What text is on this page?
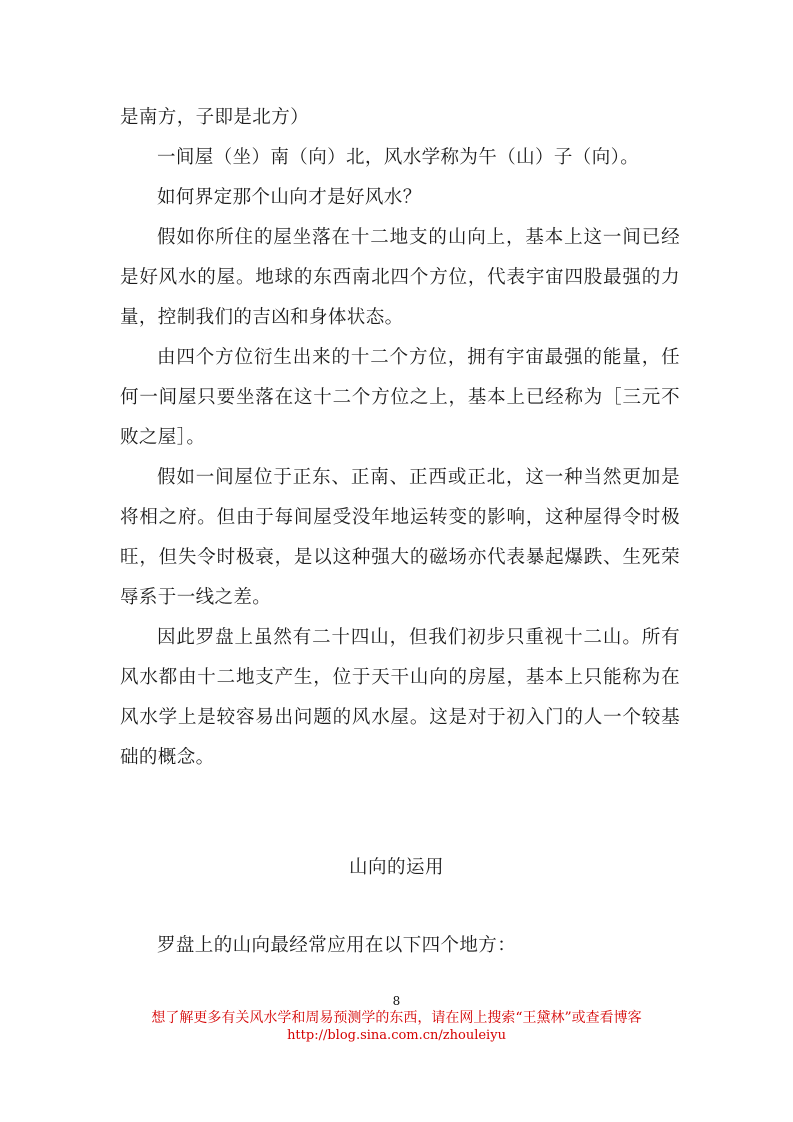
是南方，子即是北方）

一间屋（坐）南（向）北，风水学称为午（山）子（向）。

如何界定那个山向才是好风水？

假如你所住的屋坐落在十二地支的山向上，基本上这一间已经是好风水的屋。地球的东西南北四个方位，代表宇宙四股最强的力量，控制我们的吉凶和身体状态。

由四个方位衍生出来的十二个方位，拥有宇宙最强的能量，任何一间屋只要坐落在这十二个方位之上，基本上已经称为［三元不败之屋］。

假如一间屋位于正东、正南、正西或正北，这一种当然更加是将相之府。但由于每间屋受没年地运转变的影响，这种屋得令时极旺，但失令时极衰，是以这种强大的磁场亦代表暴起爆跌、生死荣辱系于一线之差。

因此罗盘上虽然有二十四山，但我们初步只重视十二山。所有风水都由十二地支产生，位于天干山向的房屋，基本上只能称为在风水学上是较容易出问题的风水屋。这是对于初入门的人一个较基础的概念。

山向的运用
罗盘上的山向最经常应用在以下四个地方：
8
想了解更多有关风水学和周易预测学的东西，请在网上搜索“王黛林”或查看博客
http://blog.sina.com.cn/zhouleiyu
